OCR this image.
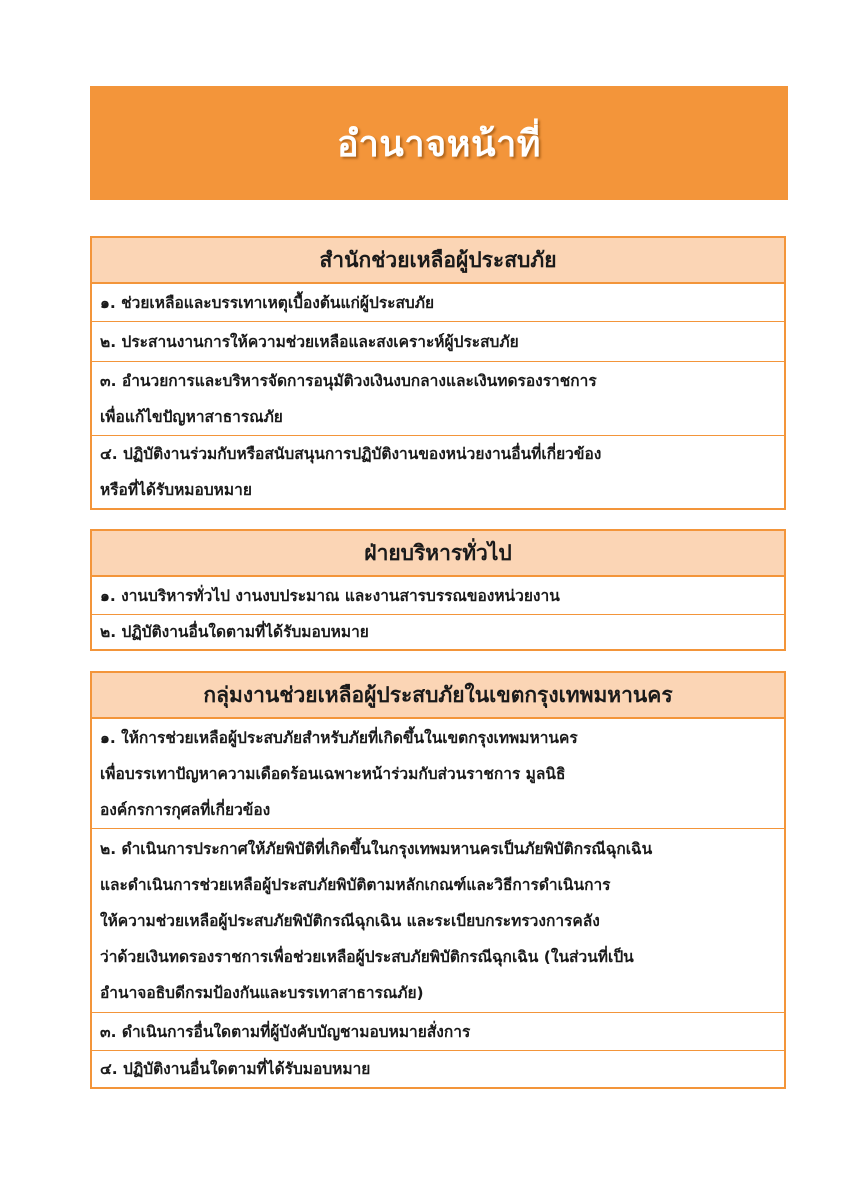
อำนาจหน้าที่
สำนักช่วยเหลือผู้ประสบภัย
๑. ช่วยเหลือและบรรเทาเหตุเบื้องต้นแก่ผู้ประสบภัย
๒. ประสานงานการให้ความช่วยเหลือและสงเคราะห์ผู้ประสบภัย
๓. อำนวยการและบริหารจัดการอนุมัติวงเงินงบกลางและเงินทดรองราชการ
เพื่อแก้ไขปัญหาสาธารณภัย
๔. ปฏิบัติงานร่วมกับหรือสนับสนุนการปฏิบัติงานของหน่วยงานอื่นที่เกี่ยวข้อง
หรือที่ได้รับหมอบหมาย
ฝ่ายบริหารทั่วไป
๑. งานบริหารทั่วไป งานงบประมาณ และงานสารบรรณของหน่วยงาน
๒. ปฏิบัติงานอื่นใดตามที่ได้รับมอบหมาย
กลุ่มงานช่วยเหลือผู้ประสบภัยในเขตกรุงเทพมหานคร
๑. ให้การช่วยเหลือผู้ประสบภัยสำหรับภัยที่เกิดขึ้นในเขตกรุงเทพมหานคร
เพื่อบรรเทาปัญหาความเดือดร้อนเฉพาะหน้าร่วมกับส่วนราชการ มูลนิธิ
องค์กรการกุศลที่เกี่ยวข้อง
๒. ดำเนินการประกาศให้ภัยพิบัติที่เกิดขึ้นในกรุงเทพมหานครเป็นภัยพิบัติกรณีฉุกเฉิน
และดำเนินการช่วยเหลือผู้ประสบภัยพิบัติตามหลักเกณฑ์และวิธีการดำเนินการ
ให้ความช่วยเหลือผู้ประสบภัยพิบัติกรณีฉุกเฉิน และระเบียบกระทรวงการคลัง
ว่าด้วยเงินทดรองราชการเพื่อช่วยเหลือผู้ประสบภัยพิบัติกรณีฉุกเฉิน (ในส่วนที่เป็น
อำนาจอธิบดีกรมป้องกันและบรรเทาสาธารณภัย)
๓. ดำเนินการอื่นใดตามที่ผู้บังคับบัญชามอบหมายสั่งการ
๔. ปฏิบัติงานอื่นใดตามที่ได้รับมอบหมาย
